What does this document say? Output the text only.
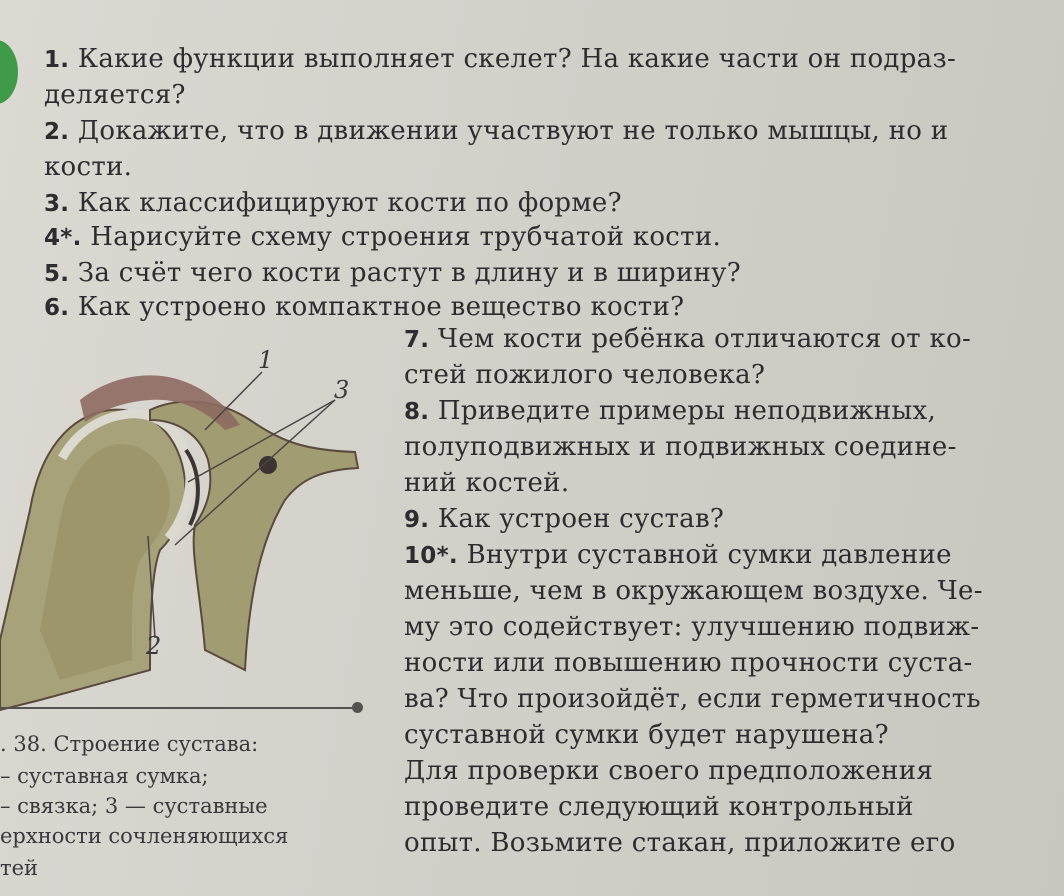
1. Какие функции выполняет скелет? На какие части он подраз-
деляется?
2. Докажите, что в движении участвуют не только мышцы, но и
кости.
3. Как классифицируют кости по форме?
4*. Нарисуйте схему строения трубчатой кости.
5. За счёт чего кости растут в длину и в ширину?
6. Как устроено компактное вещество кости?
7. Чем кости ребёнка отличаются от ко-
стей пожилого человека?
8. Приведите примеры неподвижных,
полуподвижных и подвижных соедине-
ний костей.
9. Как устроен сустав?
10*. Внутри суставной сумки давление
меньше, чем в окружающем воздухе. Че-
му это содействует: улучшению подвиж-
ности или повышению прочности суста-
ва? Что произойдёт, если герметичность
суставной сумки будет нарушена?
Для проверки своего предположения
проведите следующий контрольный
опыт. Возьмите стакан, приложите его
1
2
3
. 38. Строение сустава:
– суставная сумка;
– связка; 3 — суставные
ерхности сочленяющихся
тей
